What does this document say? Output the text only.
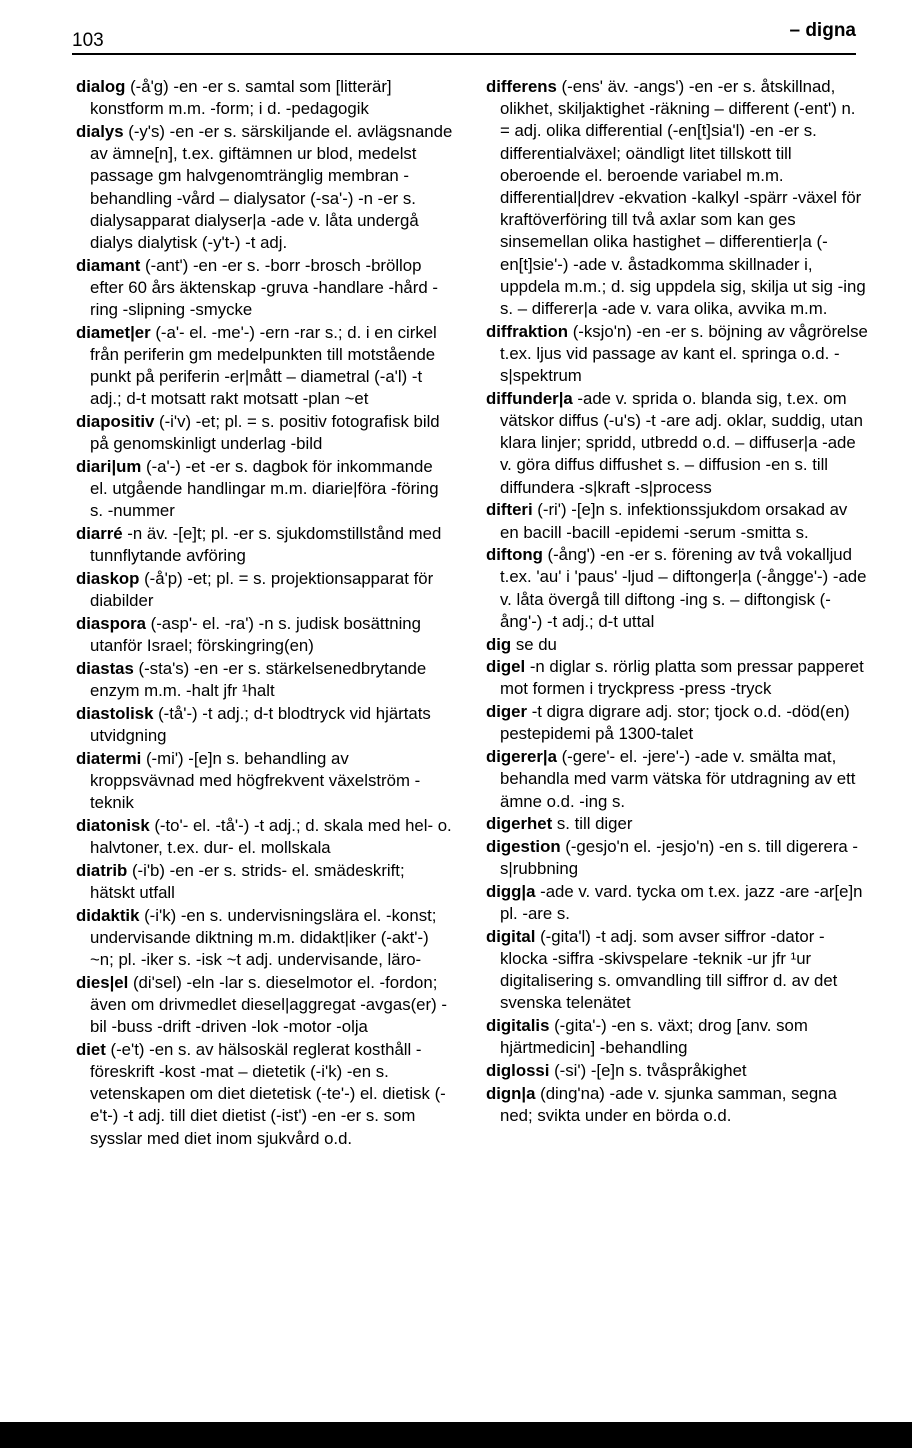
103	– digna

dialog (-å'g) -en -er s. samtal som [litterär] konstform m.m. -form; i d. -pedagogik

dialys (-y's) -en -er s. särskiljande el. avlägsnande av ämne[n], t.ex. giftämnen ur blod, medelst passage gm halvgenomtränglig membran -behandling -vård – dialysator (-sa'-) -n -er s. dialysapparat dialyser|a -ade v. låta undergå dialys dialytisk (-y't-) -t adj.

diamant (-ant') -en -er s. -borr -brosch -bröllop efter 60 års äktenskap -gruva -handlare -hård -ring -slipning -smycke

diamet|er (-a'- el. -me'-) -ern -rar s.; d. i en cirkel från periferin gm medelpunkten till motstående punkt på periferin -er|mått – diametral (-a'l) -t adj.; d-t motsatt rakt motsatt -plan ~et

diapositiv (-i'v) -et; pl. = s. positiv fotografisk bild på genomskinligt underlag -bild

diari|um (-a'-) -et -er s. dagbok för inkommande el. utgående handlingar m.m. diarie|föra -föring s. -nummer

diarré -n äv. -[e]t; pl. -er s. sjukdomstillstånd med tunnflytande avföring

diaskop (-å'p) -et; pl. = s. projektionsapparat för diabilder

diaspora (-asp'- el. -ra') -n s. judisk bosättning utanför Israel; förskingring(en)

diastas (-sta's) -en -er s. stärkelsenedbrytande enzym m.m. -halt jfr ¹halt

diastolisk (-tå'-) -t adj.; d-t blodtryck vid hjärtats utvidgning

diatermi (-mi') -[e]n s. behandling av kroppsvävnad med högfrekvent växelström -teknik

diatonisk (-to'- el. -tå'-) -t adj.; d. skala med hel- o. halvtoner, t.ex. dur- el. mollskala

diatrib (-i'b) -en -er s. strids- el. smädeskrift; hätskt utfall

didaktik (-i'k) -en s. undervisningslära el. -konst; undervisande diktning m.m. didakt|iker (-akt'-) ~n; pl. -iker s. -isk ~t adj. undervisande, läro-

dies|el (di'sel) -eln -lar s. dieselmotor el. -fordon; även om drivmedlet diesel|aggregat -avgas(er) -bil -buss -drift -driven -lok -motor -olja

diet (-e't) -en s. av hälsoskäl reglerat kosthåll -föreskrift -kost -mat – dietetik (-i'k) -en s. vetenskapen om diet dietetisk (-te'-) el. dietisk (-e't-) -t adj. till diet dietist (-ist') -en -er s. som sysslar med diet inom sjukvård o.d.

differens (-ens' äv. -angs') -en -er s. åtskillnad, olikhet, skiljaktighet -räkning – different (-ent') n. = adj. olika differential (-en[t]sia'l) -en -er s. differentialväxel; oändligt litet tillskott till oberoende el. beroende variabel m.m. differential|drev -ekvation -kalkyl -spärr -växel för kraftöverföring till två axlar som kan ges sinsemellan olika hastighet – differentier|a (-en[t]sie'-) -ade v. åstadkomma skillnader i, uppdela m.m.; d. sig uppdela sig, skilja ut sig -ing s. – differer|a -ade v. vara olika, avvika m.m.

diffraktion (-ksjo'n) -en -er s. böjning av vågrörelse t.ex. ljus vid passage av kant el. springa o.d. -s|spektrum

diffunder|a -ade v. sprida o. blanda sig, t.ex. om vätskor diffus (-u's) -t -are adj. oklar, suddig, utan klara linjer; spridd, utbredd o.d. – diffuser|a -ade v. göra diffus diffushet s. – diffusion -en s. till diffundera -s|kraft -s|process

difteri (-ri') -[e]n s. infektionssjukdom orsakad av en bacill -bacill -epidemi -serum -smitta s.

diftong (-ång') -en -er s. förening av två vokalljud t.ex. 'au' i 'paus' -ljud – diftonger|a (-ångge'-) -ade v. låta övergå till diftong -ing s. – diftongisk (-ång'-) -t adj.; d-t uttal

dig se du

digel -n diglar s. rörlig platta som pressar papperet mot formen i tryckpress -press -tryck

diger -t digra digrare adj. stor; tjock o.d. -död(en) pestepidemi på 1300-talet

digerer|a (-gere'- el. -jere'-) -ade v. smälta mat, behandla med varm vätska för utdragning av ett ämne o.d. -ing s.

digerhet s. till diger

digestion (-gesjo'n el. -jesjo'n) -en s. till digerera -s|rubbning

digg|a -ade v. vard. tycka om t.ex. jazz -are -ar[e]n pl. -are s.

digital (-gita'l) -t adj. som avser siffror -dator -klocka -siffra -skivspelare -teknik -ur jfr ¹ur digitalisering s. omvandling till siffror d. av det svenska telenätet

digitalis (-gita'-) -en s. växt; drog [anv. som hjärtmedicin] -behandling

diglossi (-si') -[e]n s. tvåspråkighet

dign|a (ding'na) -ade v. sjunka samman, segna ned; svikta under en börda o.d.
